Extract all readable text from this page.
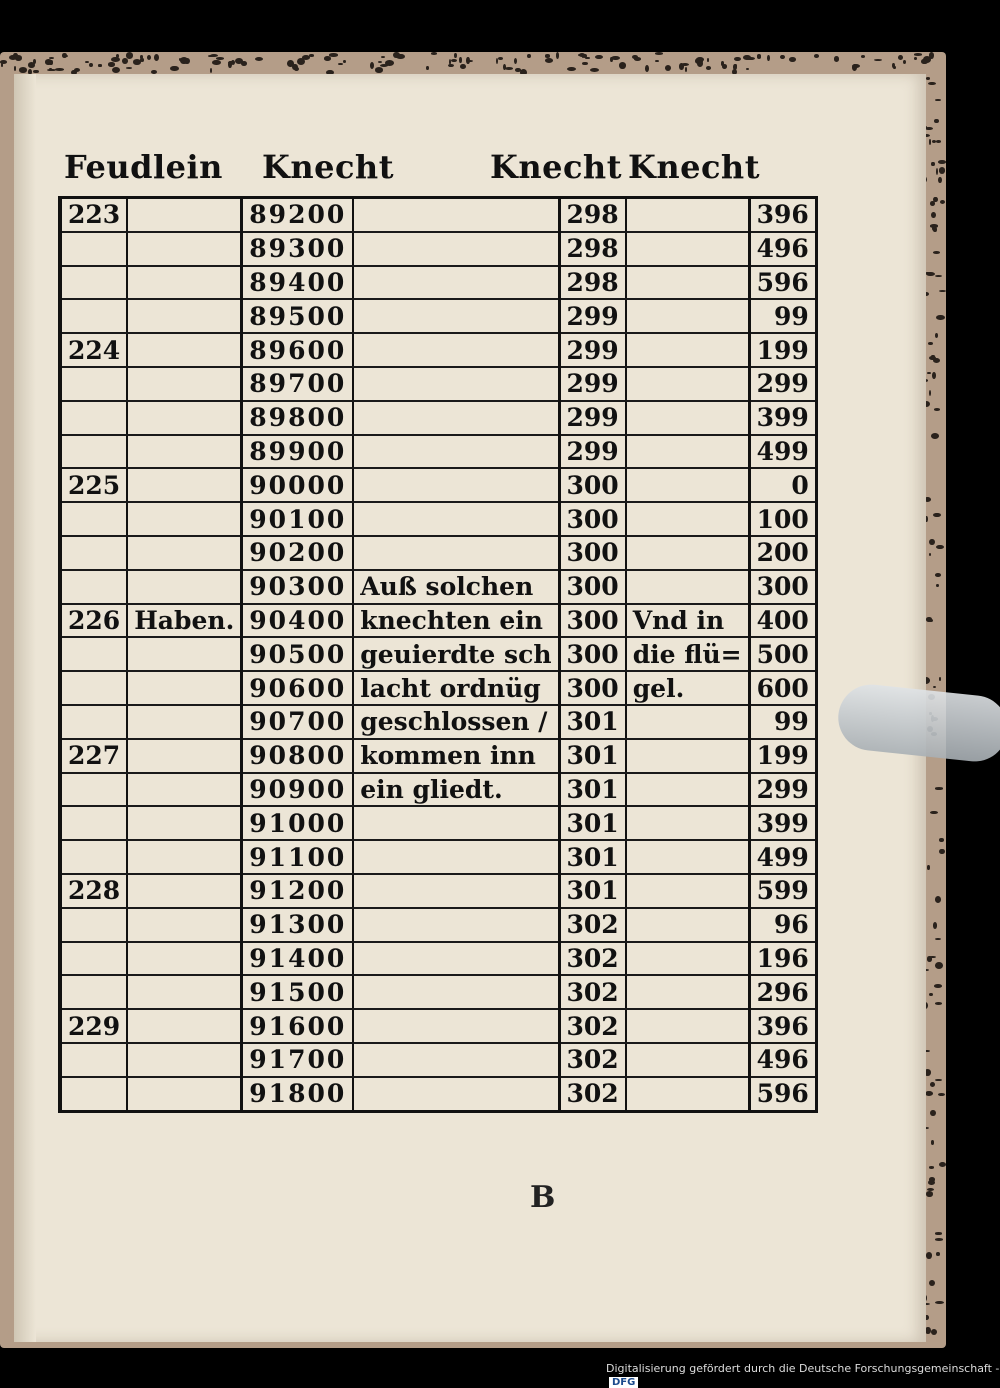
Feudlein Knecht	Knecht Knecht
223		89200		298		396
		89300		298		496
		89400		298		596
		89500		299		99
224		89600		299		199
		89700		299		299
		89800		299		399
		89900		299		499
225		90000		300		0
		90100		300		100
		90200		300		200
		90300	Auß solchen	300		300
226	Haben.	90400	knechten ein	300	Vnd in	400
		90500	geuierdte sch	300	die flü=	500
		90600	lacht ordnüg	300	gel.	600
		90700	geschlossen /	301		99
227		90800	kommen inn	301		199
		90900	ein gliedt.	301		299
		91000		301		399
		91100		301		499
228		91200		301		599
		91300		302		96
		91400		302		196
		91500		302		296
229		91600		302		396
		91700		302		496
		91800		302		596
B
Digitalisierung gefördert durch die Deutsche Forschungsgemeinschaft -DFG
